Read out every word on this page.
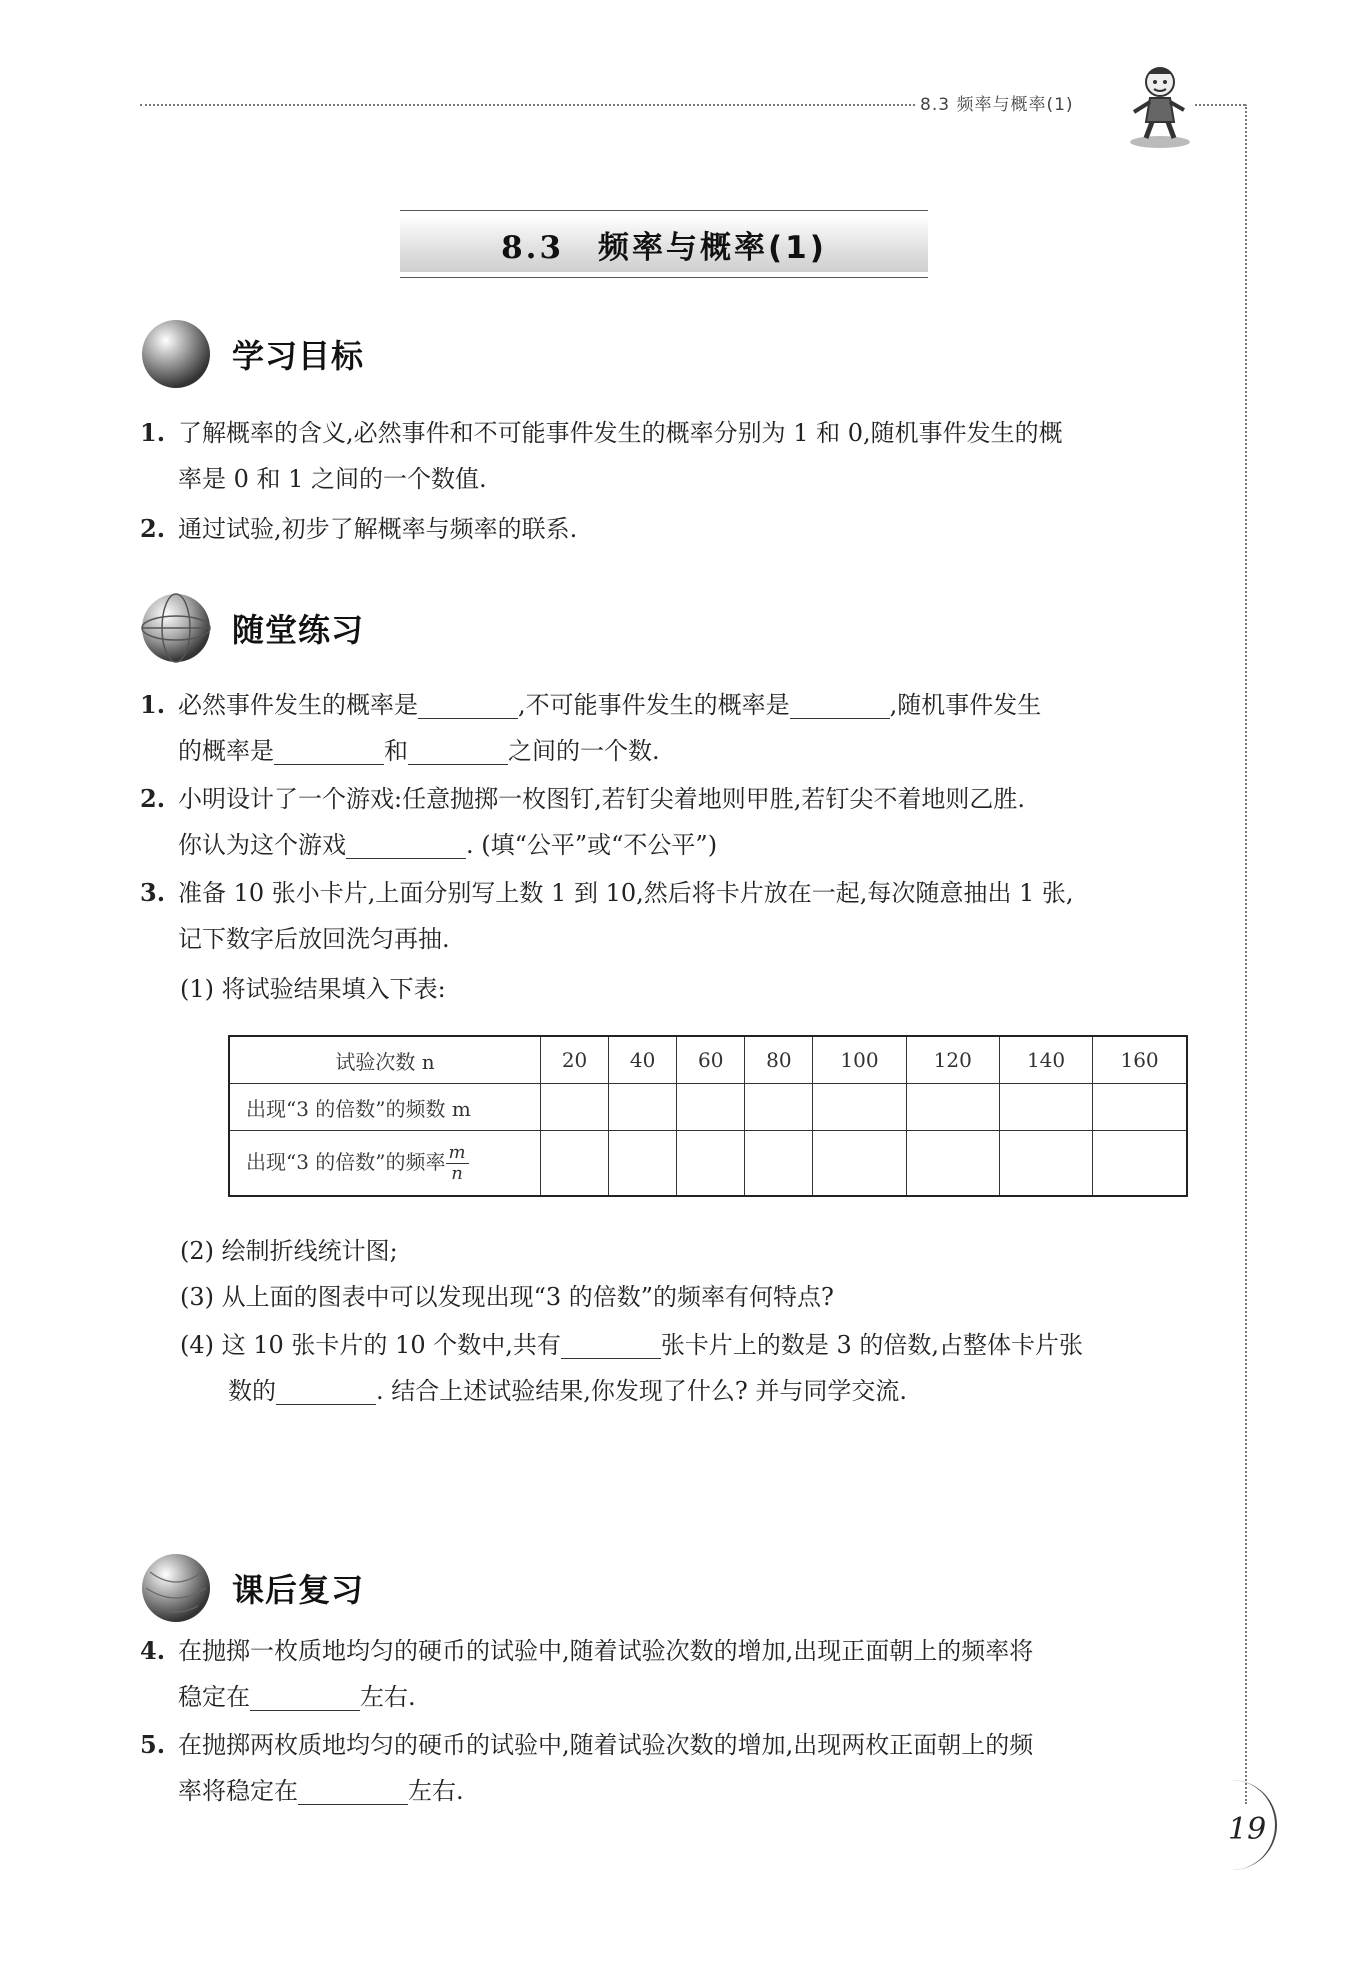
8.3 频率与概率(1)
8.3 频率与概率(1)
学习目标
1. 了解概率的含义,必然事件和不可能事件发生的概率分别为 1 和 0,随机事件发生的概
率是 0 和 1 之间的一个数值.
2. 通过试验,初步了解概率与频率的联系.
随堂练习
1. 必然事件发生的概率是	,不可能事件发生的概率是	,随机事件发生
的概率是	和	之间的一个数.
2. 小明设计了一个游戏:任意抛掷一枚图钉,若钉尖着地则甲胜,若钉尖不着地则乙胜.
你认为这个游戏	. (填“公平”或“不公平”)
3. 准备 10 张小卡片,上面分别写上数 1 到 10,然后将卡片放在一起,每次随意抽出 1 张,
记下数字后放回洗匀再抽.
(1) 将试验结果填入下表:
试验次数 n	20	40	60	80	100	120	140	160
出现“3 的倍数”的频数 m								
出现“3 的倍数”的频率 $\frac{m}{n}$

(2) 绘制折线统计图;
(3) 从上面的图表中可以发现出现“3 的倍数”的频率有何特点?
(4) 这 10 张卡片的 10 个数中,共有	张卡片上的数是 3 的倍数,占整体卡片张
数的	. 结合上述试验结果,你发现了什么? 并与同学交流.
课后复习
4. 在抛掷一枚质地均匀的硬币的试验中,随着试验次数的增加,出现正面朝上的频率将
稳定在	左右.
5. 在抛掷两枚质地均匀的硬币的试验中,随着试验次数的增加,出现两枚正面朝上的频
率将稳定在	左右.
19
